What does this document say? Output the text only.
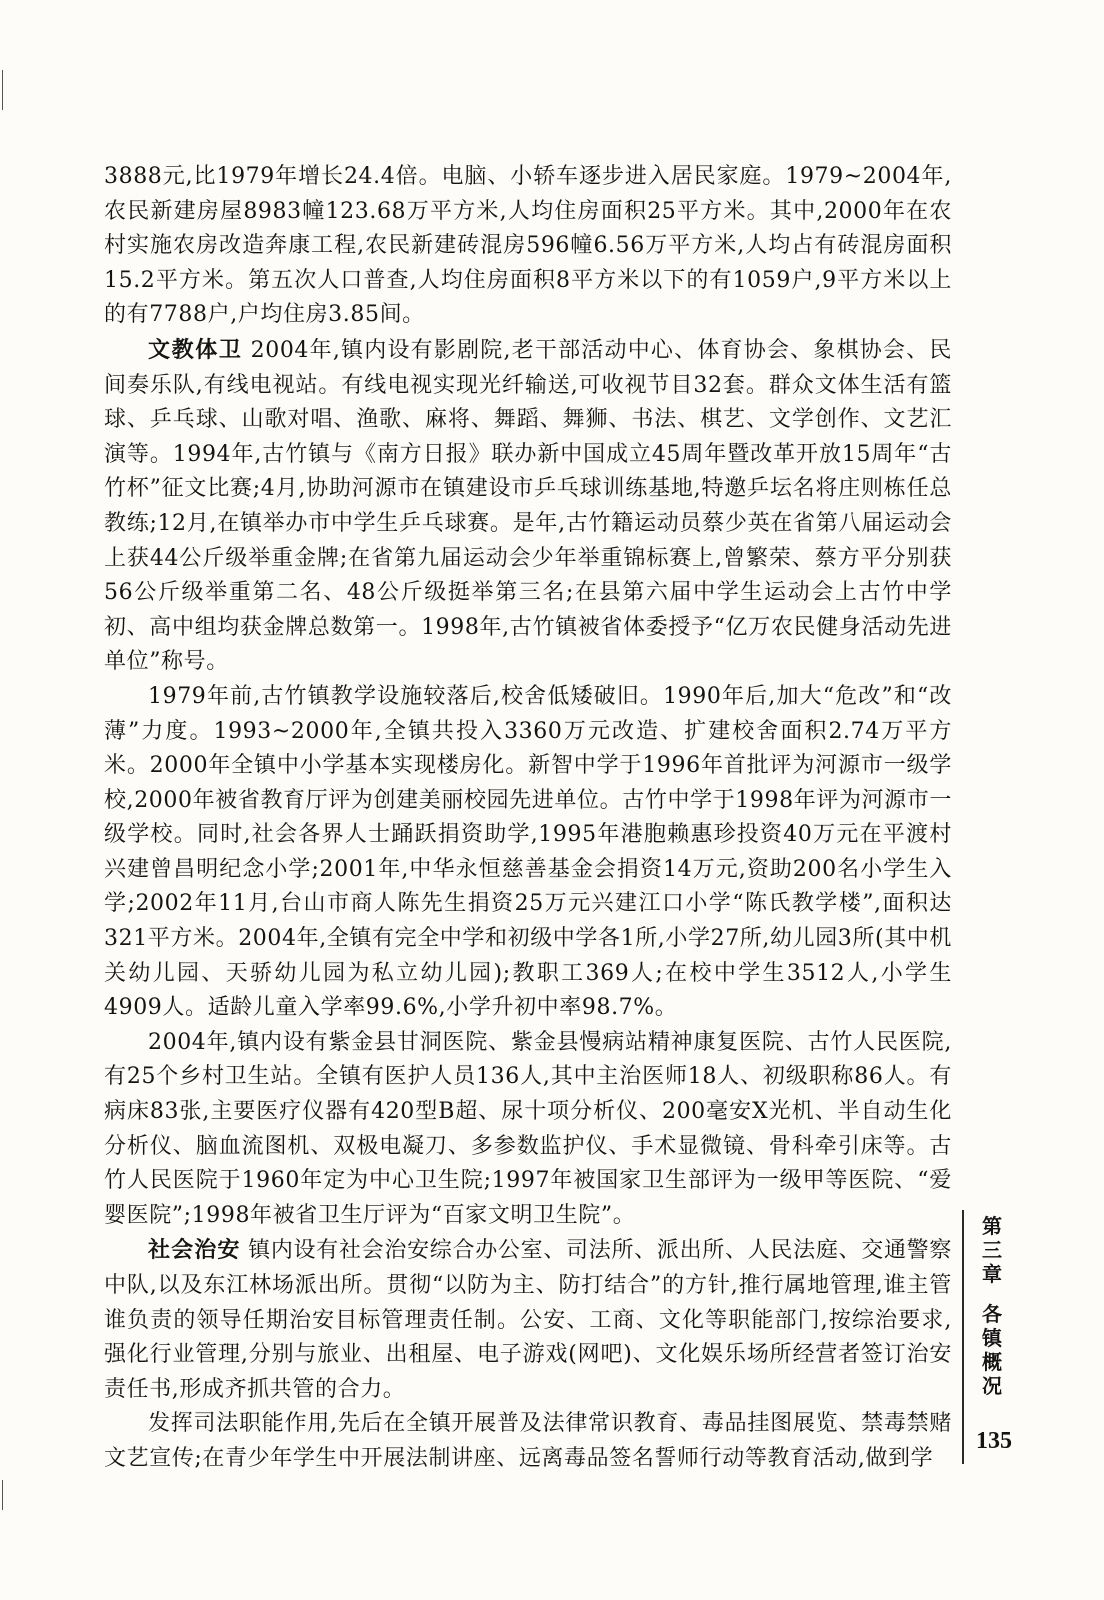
3888元,比1979年增长24.4倍。电脑、小轿车逐步进入居民家庭。1979~2004年,农民新建房屋8983幢123.68万平方米,人均住房面积25平方米。其中,2000年在农村实施农房改造奔康工程,农民新建砖混房596幢6.56万平方米,人均占有砖混房面积15.2平方米。第五次人口普查,人均住房面积8平方米以下的有1059户,9平方米以上的有7788户,户均住房3.85间。

文教体卫 2004年,镇内设有影剧院,老干部活动中心、体育协会、象棋协会、民间奏乐队,有线电视站。有线电视实现光纤输送,可收视节目32套。群众文体生活有篮球、乒乓球、山歌对唱、渔歌、麻将、舞蹈、舞狮、书法、棋艺、文学创作、文艺汇演等。1994年,古竹镇与《南方日报》联办新中国成立45周年暨改革开放15周年“古竹杯”征文比赛;4月,协助河源市在镇建设市乒乓球训练基地,特邀乒坛名将庄则栋任总教练;12月,在镇举办市中学生乒乓球赛。是年,古竹籍运动员蔡少英在省第八届运动会上获44公斤级举重金牌;在省第九届运动会少年举重锦标赛上,曾繁荣、蔡方平分别获56公斤级举重第二名、48公斤级挺举第三名;在县第六届中学生运动会上古竹中学初、高中组均获金牌总数第一。1998年,古竹镇被省体委授予“亿万农民健身活动先进单位”称号。

1979年前,古竹镇教学设施较落后,校舍低矮破旧。1990年后,加大“危改”和“改薄”力度。1993~2000年,全镇共投入3360万元改造、扩建校舍面积2.74万平方米。2000年全镇中小学基本实现楼房化。新智中学于1996年首批评为河源市一级学校,2000年被省教育厅评为创建美丽校园先进单位。古竹中学于1998年评为河源市一级学校。同时,社会各界人士踊跃捐资助学,1995年港胞赖惠珍投资40万元在平渡村兴建曾昌明纪念小学;2001年,中华永恒慈善基金会捐资14万元,资助200名小学生入学;2002年11月,台山市商人陈先生捐资25万元兴建江口小学“陈氏教学楼”,面积达321平方米。2004年,全镇有完全中学和初级中学各1所,小学27所,幼儿园3所(其中机关幼儿园、天骄幼儿园为私立幼儿园);教职工369人;在校中学生3512人,小学生4909人。适龄儿童入学率99.6%,小学升初中率98.7%。

2004年,镇内设有紫金县甘洞医院、紫金县慢病站精神康复医院、古竹人民医院,有25个乡村卫生站。全镇有医护人员136人,其中主治医师18人、初级职称86人。有病床83张,主要医疗仪器有420型B超、尿十项分析仪、200毫安X光机、半自动生化分析仪、脑血流图机、双极电凝刀、多参数监护仪、手术显微镜、骨科牵引床等。古竹人民医院于1960年定为中心卫生院;1997年被国家卫生部评为一级甲等医院、“爱婴医院”;1998年被省卫生厅评为“百家文明卫生院”。

社会治安 镇内设有社会治安综合办公室、司法所、派出所、人民法庭、交通警察中队,以及东江林场派出所。贯彻“以防为主、防打结合”的方针,推行属地管理,谁主管谁负责的领导任期治安目标管理责任制。公安、工商、文化等职能部门,按综治要求,强化行业管理,分别与旅业、出租屋、电子游戏(网吧)、文化娱乐场所经营者签订治安责任书,形成齐抓共管的合力。

发挥司法职能作用,先后在全镇开展普及法律常识教育、毒品挂图展览、禁毒禁赌文艺宣传;在青少年学生中开展法制讲座、远离毒品签名誓师行动等教育活动,做到学

第
三
章
各
镇
概
况
135
